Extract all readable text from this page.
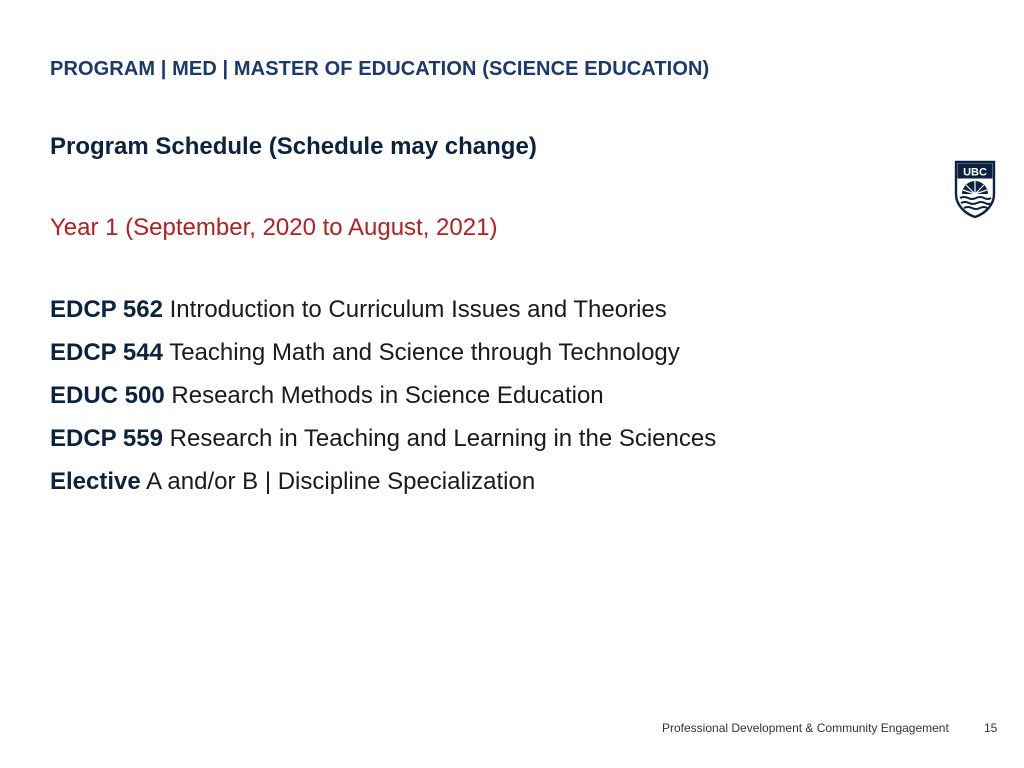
PROGRAM | MED | MASTER OF EDUCATION (SCIENCE EDUCATION)
Program Schedule (Schedule may change)
Year 1 (September, 2020 to August, 2021)
EDCP 562 Introduction to Curriculum Issues and Theories
EDCP 544 Teaching Math and Science through Technology
EDUC 500 Research Methods in Science Education
EDCP 559 Research in Teaching and Learning in the Sciences
Elective A and/or B | Discipline Specialization
UBC
Professional Development & Community Engagement	15
